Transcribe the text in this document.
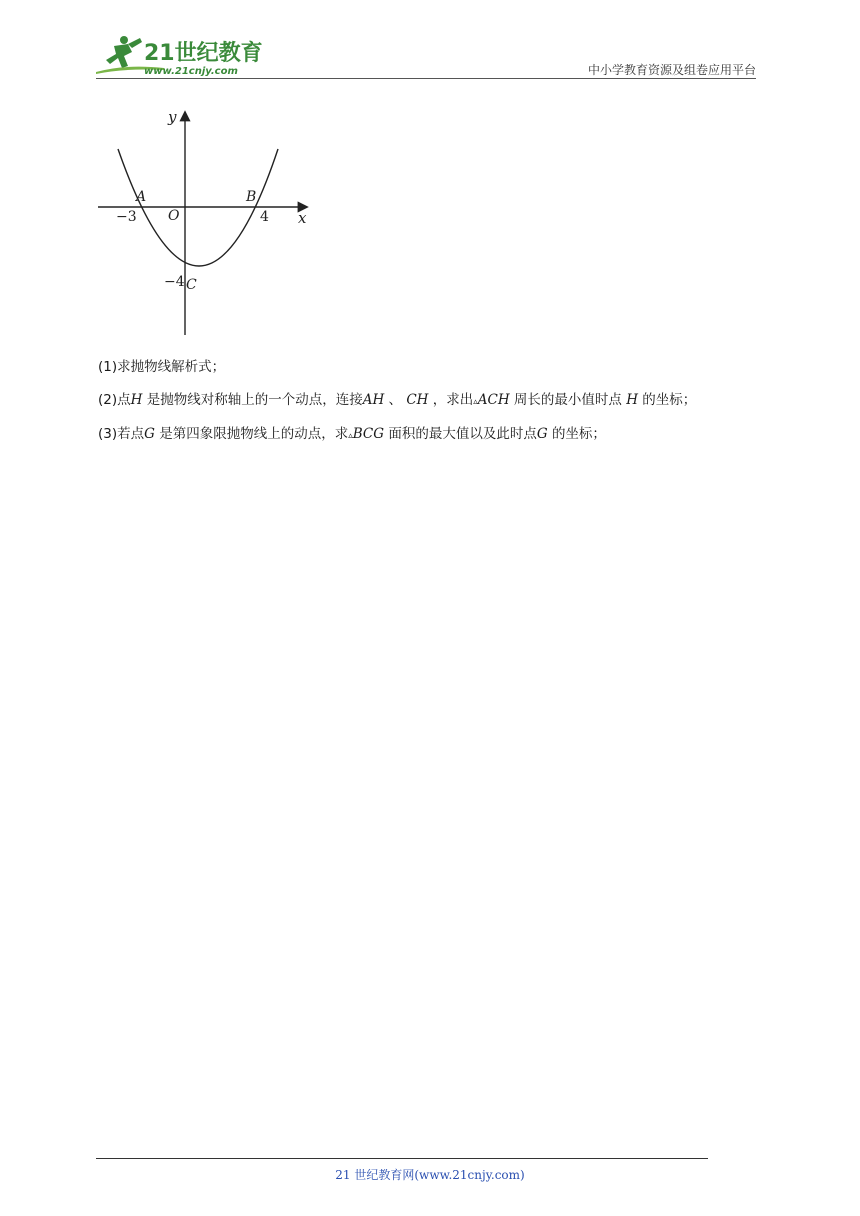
21世纪教育
www.21cnjy.com	中小学教育资源及组卷应用平台
y
x
O
A	B
C
−3	4
−4
(1)求抛物线解析式；
(2)点H 是抛物线对称轴上的一个动点，连接AH 、 CH ，求出▵ACH 周长的最小值时点 H 的坐标；
(3)若点G 是第四象限抛物线上的动点，求▵BCG 面积的最大值以及此时点G 的坐标；
21 世纪教育网(www.21cnjy.com)
